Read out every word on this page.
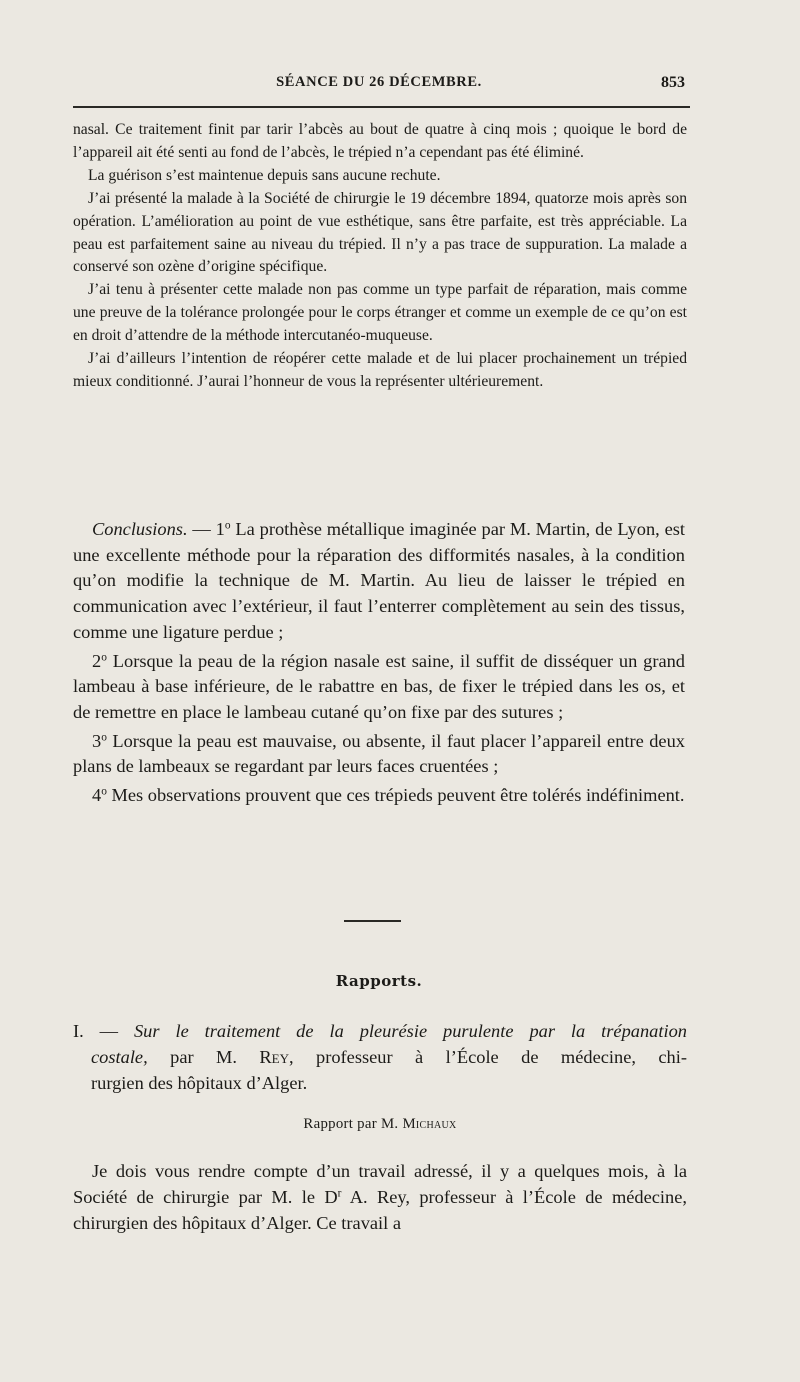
SÉANCE DU 26 DÉCEMBRE.	853

nasal. Ce traitement finit par tarir l’abcès au bout de quatre à cinq mois ; quoique le bord de l’appareil ait été senti au fond de l’abcès, le trépied n’a cependant pas été éliminé.

La guérison s’est maintenue depuis sans aucune rechute.

J’ai présenté la malade à la Société de chirurgie le 19 décembre 1894, quatorze mois après son opération. L’amélioration au point de vue esthétique, sans être parfaite, est très appréciable. La peau est parfaitement saine au niveau du trépied. Il n’y a pas trace de suppuration. La malade a conservé son ozène d’origine spécifique.

J’ai tenu à présenter cette malade non pas comme un type parfait de réparation, mais comme une preuve de la tolérance prolongée pour le corps étranger et comme un exemple de ce qu’on est en droit d’attendre de la méthode intercutanéo-muqueuse.

J’ai d’ailleurs l’intention de réopérer cette malade et de lui placer prochainement un trépied mieux conditionné. J’aurai l’honneur de vous la représenter ultérieurement.

Conclusions. — 1$^o$ La prothèse métallique imaginée par M. Martin, de Lyon, est une excellente méthode pour la réparation des difformités nasales, à la condition qu’on modifie la technique de M. Martin. Au lieu de laisser le trépied en communication avec l’extérieur, il faut l’enterrer complètement au sein des tissus, comme une ligature perdue ;

2$^o$ Lorsque la peau de la région nasale est saine, il suffit de disséquer un grand lambeau à base inférieure, de le rabattre en bas, de fixer le trépied dans les os, et de remettre en place le lambeau cutané qu’on fixe par des sutures ;

3$^o$ Lorsque la peau est mauvaise, ou absente, il faut placer l’appareil entre deux plans de lambeaux se regardant par leurs faces cruentées ;

4$^o$ Mes observations prouvent que ces trépieds peuvent être tolérés indéfiniment.

Rapports.
I. — Sur le traitement de la pleurésie purulente par la trépanation
costale, par M. Rey, professeur à l’École de médecine, chi-
rurgien des hôpitaux d’Alger.
Rapport par M. Michaux

Je dois vous rendre compte d’un travail adressé, il y a quelques mois, à la Société de chirurgie par M. le $D^r$ A. Rey, professeur à l’École de médecine, chirurgien des hôpitaux d’Alger. Ce travail a
